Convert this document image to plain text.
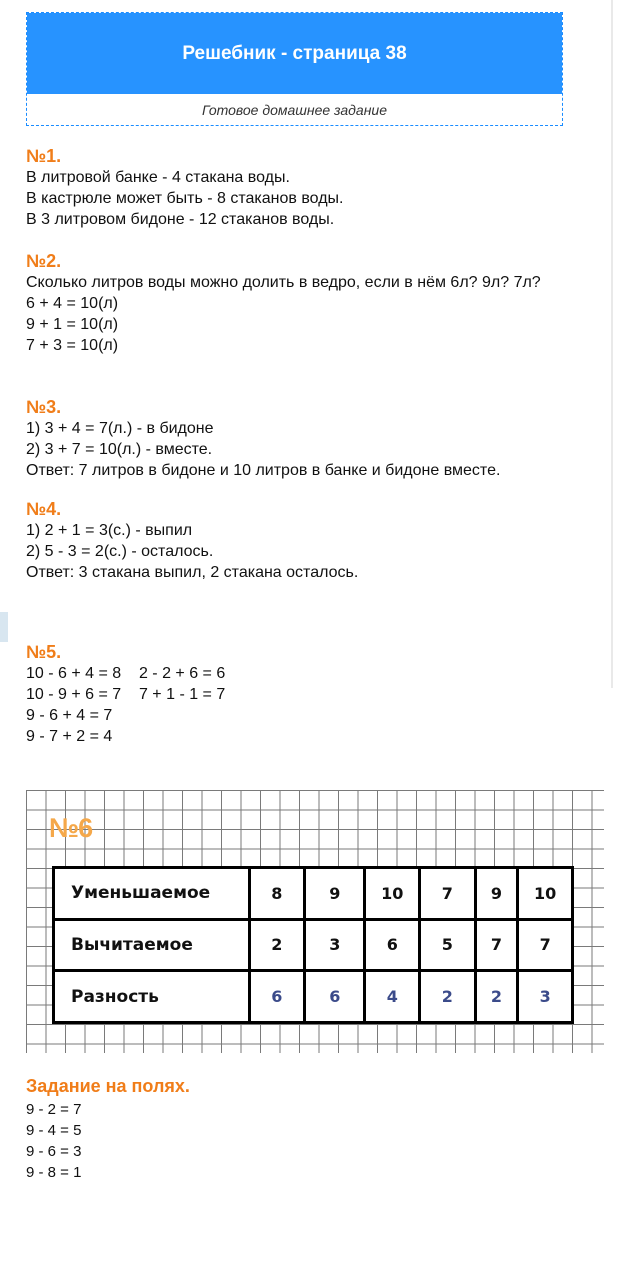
Решебник - страница 38
Готовое домашнее задание
№1.
В литровой банке - 4 стакана воды.
В кастрюле может быть - 8 стаканов воды.
В 3 литровом бидоне - 12 стаканов воды.
№2.
Сколько литров воды можно долить в ведро, если в нём 6л? 9л? 7л?
6 + 4 = 10(л)
9 + 1 = 10(л)
7 + 3 = 10(л)
№3.
1) 3 + 4 = 7(л.) - в бидоне
2) 3 + 7 = 10(л.) - вместе.
Ответ: 7 литров в бидоне и 10 литров в банке и бидоне вместе.
№4.
1) 2 + 1 = 3(с.) - выпил
2) 5 - 3 = 2(с.) - осталось.
Ответ: 3 стакана выпил, 2 стакана осталось.
№5.
10 - 6 + 4 = 8    2 - 2 + 6 = 6
10 - 9 + 6 = 7    7 + 1 - 1 = 7
9 - 6 + 4 = 7
9 - 7 + 2 = 4
№6
Уменьшаемое	8	9	10	7	9	10
Вычитаемое	2	3	6	5	7	7
Разность	6	6	4	2	2	3
Задание на полях.
9 - 2 = 7
9 - 4 = 5
9 - 6 = 3
9 - 8 = 1
